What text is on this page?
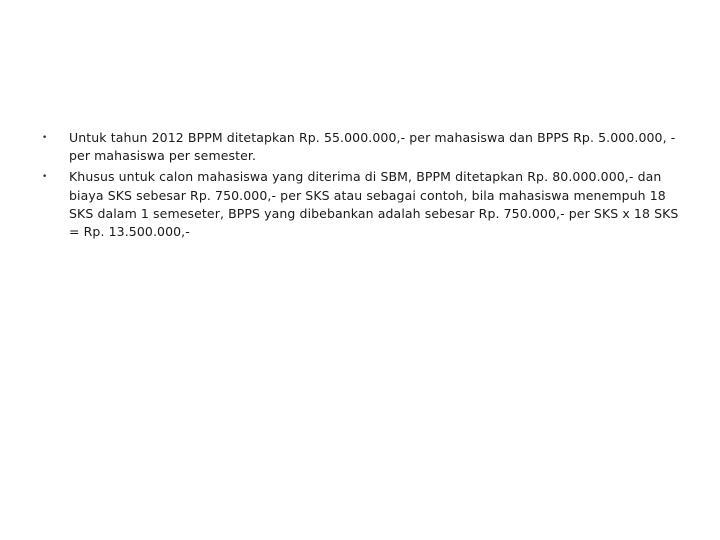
•	Untuk tahun 2012 BPPM ditetapkan Rp. 55.000.000,- per mahasiswa dan BPPS Rp. 5.000.000, - per mahasiswa per semester.
•	Khusus untuk calon mahasiswa yang diterima di SBM, BPPM ditetapkan Rp. 80.000.000,- dan biaya SKS sebesar Rp. 750.000,- per SKS atau sebagai contoh, bila mahasiswa menempuh 18 SKS dalam 1 semeseter, BPPS yang dibebankan adalah sebesar Rp. 750.000,- per SKS x 18 SKS = Rp. 13.500.000,-
